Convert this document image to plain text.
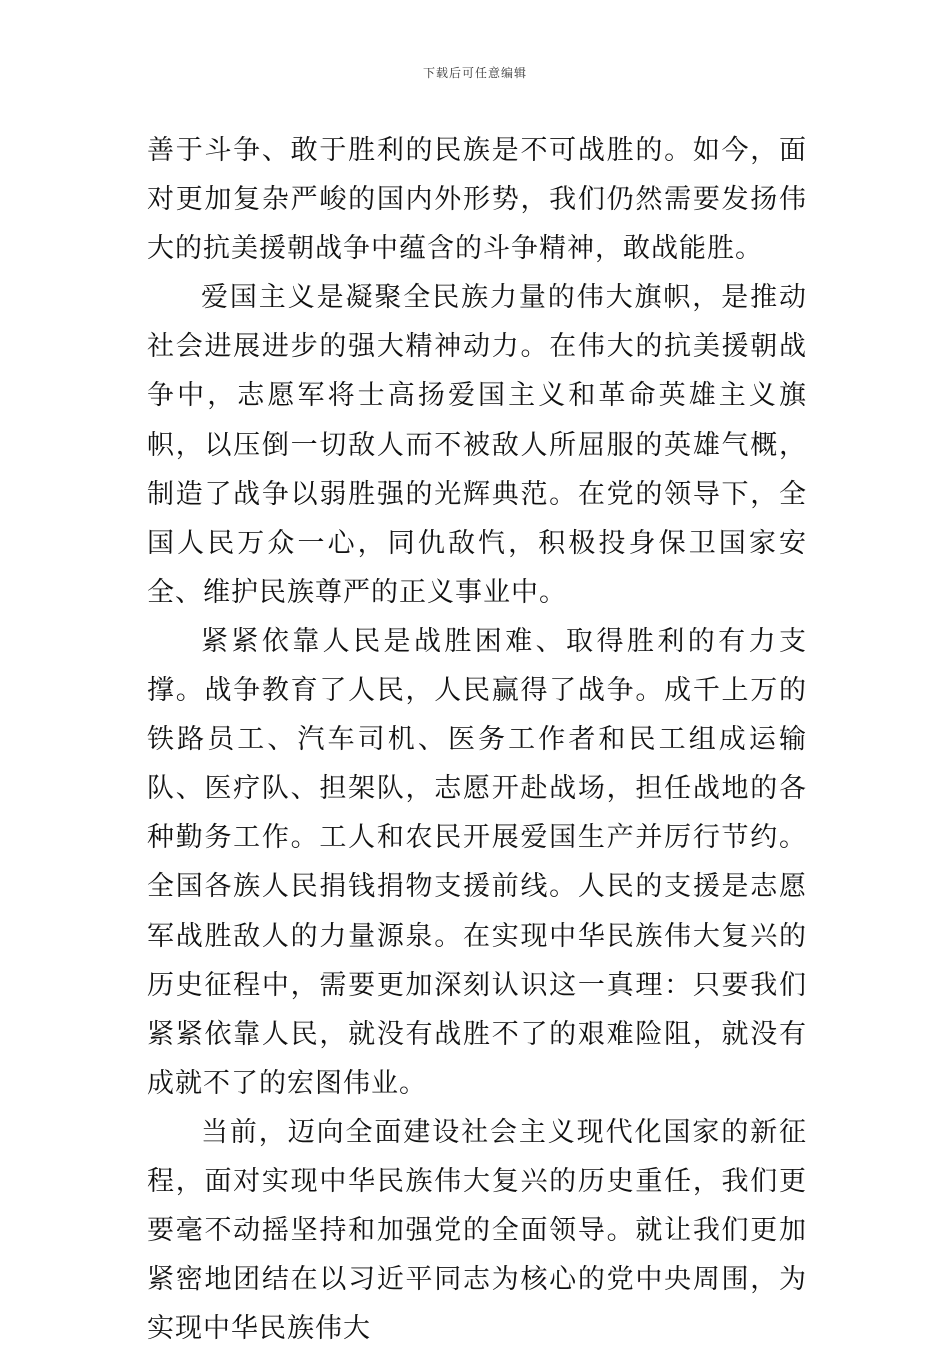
下载后可任意编辑

善于斗争、敢于胜利的民族是不可战胜的。如今，面对更加复杂严峻的国内外形势，我们仍然需要发扬伟大的抗美援朝战争中蕴含的斗争精神，敢战能胜。

爱国主义是凝聚全民族力量的伟大旗帜，是推动社会进展进步的强大精神动力。在伟大的抗美援朝战争中，志愿军将士高扬爱国主义和革命英雄主义旗帜，以压倒一切敌人而不被敌人所屈服的英雄气概，制造了战争以弱胜强的光辉典范。在党的领导下，全国人民万众一心，同仇敌忾，积极投身保卫国家安全、维护民族尊严的正义事业中。

紧紧依靠人民是战胜困难、取得胜利的有力支撑。战争教育了人民，人民赢得了战争。成千上万的铁路员工、汽车司机、医务工作者和民工组成运输队、医疗队、担架队，志愿开赴战场，担任战地的各种勤务工作。工人和农民开展爱国生产并厉行节约。全国各族人民捐钱捐物支援前线。人民的支援是志愿军战胜敌人的力量源泉。在实现中华民族伟大复兴的历史征程中，需要更加深刻认识这一真理：只要我们紧紧依靠人民，就没有战胜不了的艰难险阻，就没有成就不了的宏图伟业。

当前，迈向全面建设社会主义现代化国家的新征程，面对实现中华民族伟大复兴的历史重任，我们更要毫不动摇坚持和加强党的全面领导。就让我们更加紧密地团结在以习近平同志为核心的党中央周围，为实现中华民族伟大
